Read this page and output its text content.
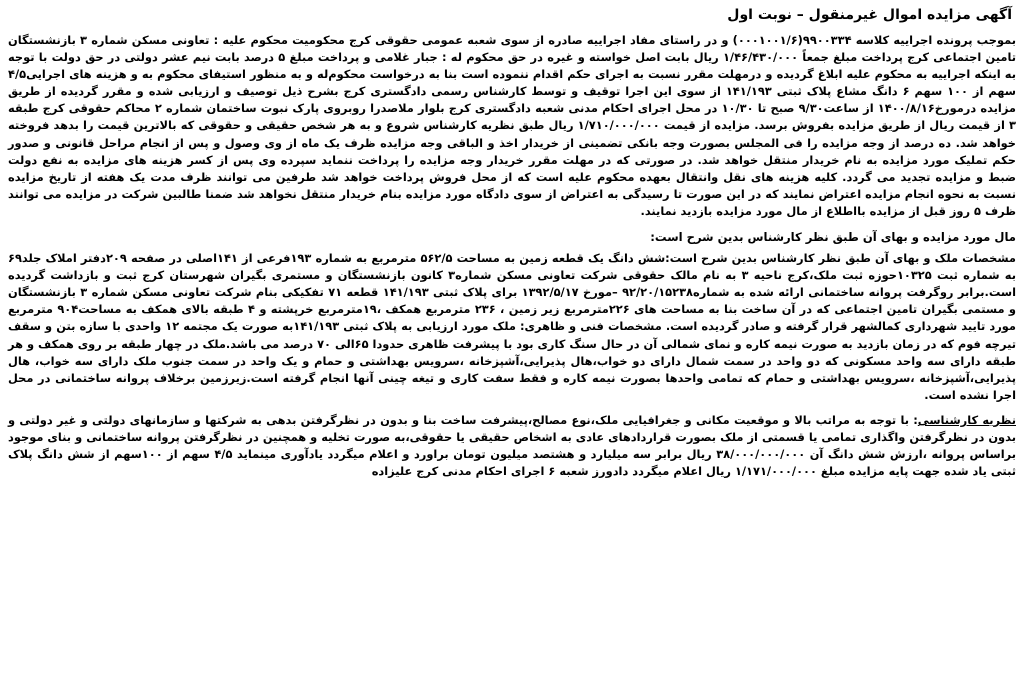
آگهی مزایده اموال غیرمنقول – نوبت اول

بموجب پرونده اجراییه کلاسه ۹۹۰۰۳۳۴(۰۰۰۱۰۰۱/۶) و در راستای مفاد اجراییه صادره از سوی شعبه عمومی حقوقی کرج محکومیت محکوم علیه : تعاونی مسکن شماره ۳ بازنشستگان تامین اجتماعی کرج پرداخت مبلغ جمعاً ۱/۴۶/۴۳۰/۰۰۰ ریال بابت اصل خواسته و غیره در حق محکوم له : جبار غلامی و پرداخت مبلغ ۵ درصد بابت نیم عشر دولتی در حق دولت با توجه به اینکه اجراییه به محکوم علیه ابلاغ گردیده و درمهلت مقرر نسبت به اجرای حکم اقدام ننموده است بنا به درخواست محکوم‌له و به منظور استیفای محکوم به و هزینه های اجرایی۴/۵ سهم از ۱۰۰ سهم ۶ دانگ مشاع پلاک ثبتی ۱۴۱/۱۹۳ از سوی این اجرا توقیف و توسط کارشناس رسمی دادگستری کرج بشرح ذیل توصیف و ارزیابی شده و مقرر گردیده از طریق مزایده درمورخ۱۴۰۰/۸/۱۶ از ساعت۹/۳۰ صبح تا ۱۰/۳۰ در محل اجرای احکام مدنی شعبه دادگستری کرج بلوار ملاصدرا روبروی پارک نبوت ساختمان شماره ۲ محاکم حقوقی کرج طبقه ۳ از قیمت ریال از طریق مزایده بفروش برسد. مزایده از قیمت ۱/۷۱۰/۰۰۰/۰۰۰ ریال طبق نظریه کارشناس شروع و به هر شخص حقیقی و حقوقی که بالاترین قیمت را بدهد فروخته خواهد شد. ده درصد از وجه مزایده را فی المجلس بصورت وجه بانکی تضمینی از خریدار اخذ و الباقی وجه مزایده ظرف یک ماه از وی وصول و پس از انجام مراحل قانونی و صدور حکم تملیک مورد مزایده به نام خریدار منتقل خواهد شد. در صورتی که در مهلت مقرر خریدار وجه مزایده را پرداخت ننماید سپرده وی پس از کسر هزینه های مزایده به نفع دولت ضبط و مزایده تجدید می گردد. کلیه هزینه های نقل وانتقال بعهده محکوم علیه است که از محل فروش پرداخت خواهد شد طرفین می توانند ظرف مدت یک هفته از تاریخ مزایده نسبت به نحوه انجام مزایده اعتراض نمایند که در این صورت تا رسیدگی به اعتراض از سوی دادگاه مورد مزایده بنام خریدار منتقل نخواهد شد ضمنا طالبین شرکت در مزایده می توانند ظرف ۵ روز قبل از مزایده بااطلاع از مال مورد مزایده بازدید نمایند.

مال مورد مزایده و بهای آن طبق نظر کارشناس بدین شرح است:

مشخصات ملک و بهای آن طبق نظر کارشناس بدین شرح است:شش دانگ یک قطعه زمین به مساحت ۵۶۲/۵ مترمربع به شماره ۱۹۳فرعی از ۱۴۱اصلی در صفحه ۲۰۹دفتر املاک جلد۶۹ به شماره ثبت ۱۰۳۲۵حوزه ثبت ملک،کرج ناحیه ۳ به نام مالک حقوقی شرکت تعاونی مسکن شماره۳ کانون بازنشستگان و مستمری بگیران شهرستان کرج ثبت و بازداشت گردیده است.برابر روگرفت پروانه ساختمانی ارائه شده به شماره۹۲/۲۰/۱۵۲۳۸ –مورخ ۱۳۹۲/۵/۱۷ برای پلاک ثبتی ۱۴۱/۱۹۳ قطعه ۷۱ تفکیکی بنام شرکت تعاونی مسکن شماره ۳ بازنشستگان و مستمی بگیران تامین اجتماعی که در آن ساخت بنا به مساحت های ۲۲۶مترمربع زیر زمین ، ۲۳۶ مترمربع همکف ،۱۹مترمربع خرپشته و ۴ طبقه بالای همکف به مساحت۹۰۴ مترمربع مورد تایید شهرداری کمالشهر قرار گرفته و صادر گردیده است. مشخصات فنی و ظاهری: ملک مورد ارزیابی به پلاک ثبتی ۱۴۱/۱۹۳به صورت یک مجتمه ۱۲ واحدی با سازه بتن و سقف تیرچه فوم که در زمان بازدید به صورت نیمه کاره و نمای شمالی آن در حال سنگ کاری بود با پیشرفت ظاهری حدودا ۶۵الی ۷۰ درصد می باشد.ملک در چهار طبقه بر روی همکف و هر طبقه دارای سه واحد مسکونی که دو واحد در سمت شمال دارای دو خواب،هال پذیرایی،آشپزخانه ،سرویس بهداشتی و حمام و یک واحد در سمت جنوب ملک دارای سه خواب، هال پذیرایی،آشپزخانه ،سرویس بهداشتی و حمام که تمامی واحدها بصورت نیمه کاره و فقط سفت کاری و تیغه چینی آنها انجام گرفته است.زیرزمین برخلاف پروانه ساختمانی در محل اجرا نشده است.

نظریه کارشناسی: با توجه به مراتب بالا و موقعیت مکانی و جغرافیایی ملک،نوع مصالح،پیشرفت ساخت بنا و بدون در نظرگرفتن بدهی به شرکتها و سازمانهای دولتی و غیر دولتی و بدون در نظرگرفتن واگذاری تمامی یا قسمتی از ملک بصورت قراردادهای عادی به اشخاص حقیقی یا حقوقی،به صورت تخلیه و همچنین در نظرگرفتن پروانه ساختمانی و بنای موجود براساس پروانه ،ارزش شش دانگ آن ۳۸/۰۰۰/۰۰۰/۰۰۰ ریال برابر سه میلیارد و هشتصد میلیون تومان براورد و اعلام میگردد یادآوری مینماید ۴/۵ سهم از ۱۰۰سهم از شش دانگ پلاک ثبتی یاد شده جهت پایه مزایده مبلغ ۱/۱۷۱/۰۰۰/۰۰۰ ریال اعلام میگردد دادورز شعبه ۶ اجرای احکام مدنی کرج علیزاده
